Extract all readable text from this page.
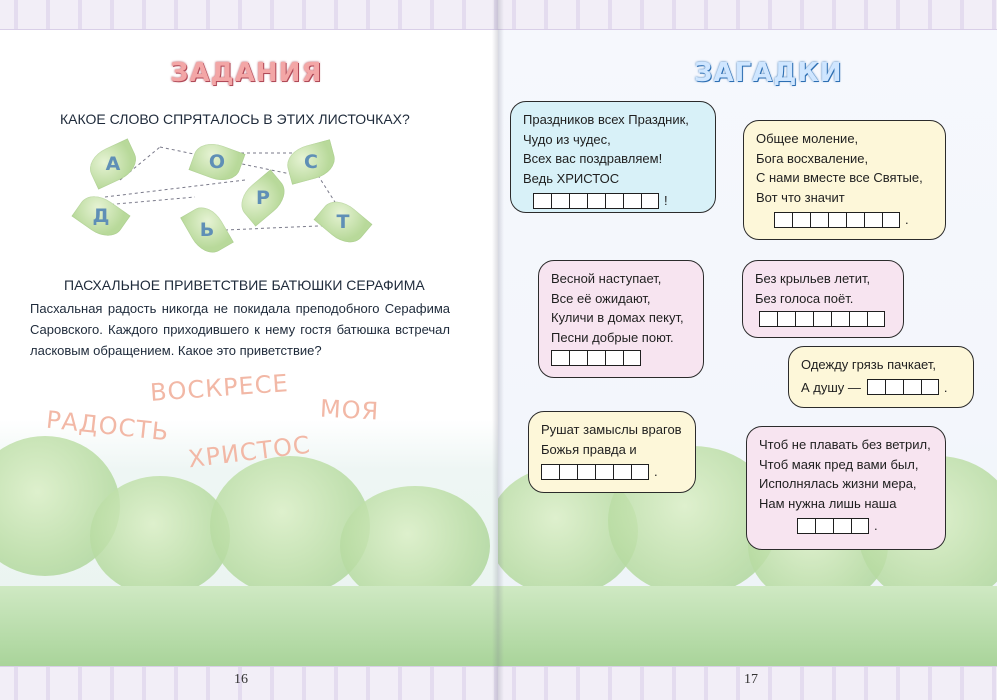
ЗАДАНИЯ
КАКОЕ СЛОВО СПРЯТАЛОСЬ В ЭТИХ ЛИСТОЧКАХ?
А	О	С
Д
Р
Ь	Т
ПАСХАЛЬНОЕ ПРИВЕТСТВИЕ БАТЮШКИ СЕРАФИМА
Пасхальная радость никогда не покидала преподобного Серафима Саровского. Каждого приходившего к нему гостя батюшка встречал ласковым обращением. Какое это приветствие?
ВОСКРЕСЕ
МОЯ
РАДОСТЬ
ХРИСТОС
16
ЗАГАДКИ
Праздников всех Праздник,
Чудо из чудес,
Всех вас поздравляем!
Ведь ХРИСТОС
!
Общее моление,
Бога восхваление,
С нами вместе все Святые,
Вот что значит
.
Весной наступает,
Все её ожидают,
Куличи в домах пекут,
Песни добрые поют.
Без крыльев летит,
Без голоса поёт.
Одежду грязь пачкает,
А душу —	.
Рушат замыслы врагов
Божья правда и
.
Чтоб не плавать без ветрил,
Чтоб маяк пред вами был,
Исполнялась жизни мера,
Нам нужна лишь наша
.
17
